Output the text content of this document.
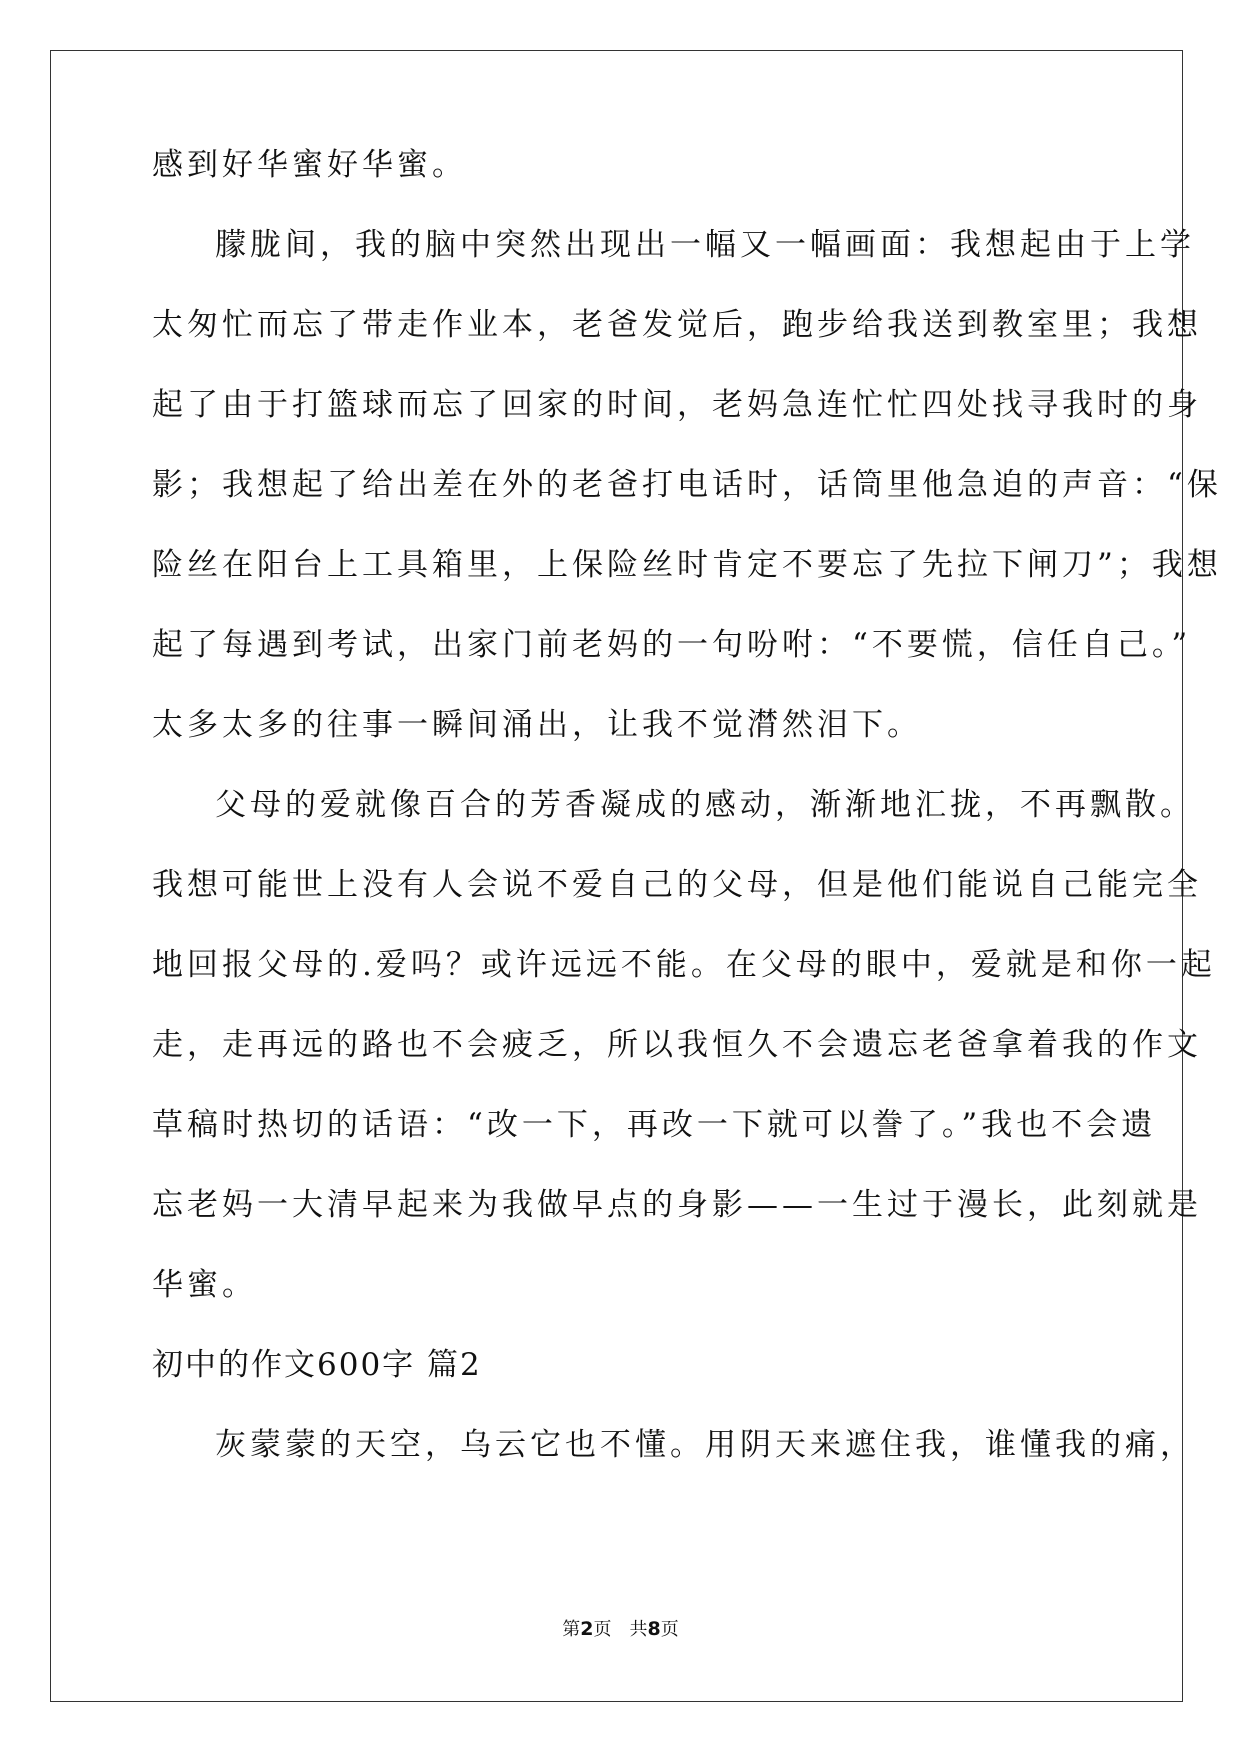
感到好华蜜好华蜜。

朦胧间，我的脑中突然出现出一幅又一幅画面：我想起由于上学

太匆忙而忘了带走作业本，老爸发觉后，跑步给我送到教室里；我想

起了由于打篮球而忘了回家的时间，老妈急连忙忙四处找寻我时的身

影；我想起了给出差在外的老爸打电话时，话筒里他急迫的声音：“保

险丝在阳台上工具箱里，上保险丝时肯定不要忘了先拉下闸刀”；我想

起了每遇到考试，出家门前老妈的一句吩咐：“不要慌，信任自己。”

太多太多的往事一瞬间涌出，让我不觉潸然泪下。

父母的爱就像百合的芳香凝成的感动，渐渐地汇拢，不再飘散。

我想可能世上没有人会说不爱自己的父母，但是他们能说自己能完全

地回报父母的.爱吗？或许远远不能。在父母的眼中，爱就是和你一起

走，走再远的路也不会疲乏，所以我恒久不会遗忘老爸拿着我的作文

草稿时热切的话语：“改一下，再改一下就可以誊了。”我也不会遗

忘老妈一大清早起来为我做早点的身影——一生过于漫长，此刻就是

华蜜。

初中的作文600字 篇2

灰蒙蒙的天空，乌云它也不懂。用阴天来遮住我，谁懂我的痛，

第2页　共8页
